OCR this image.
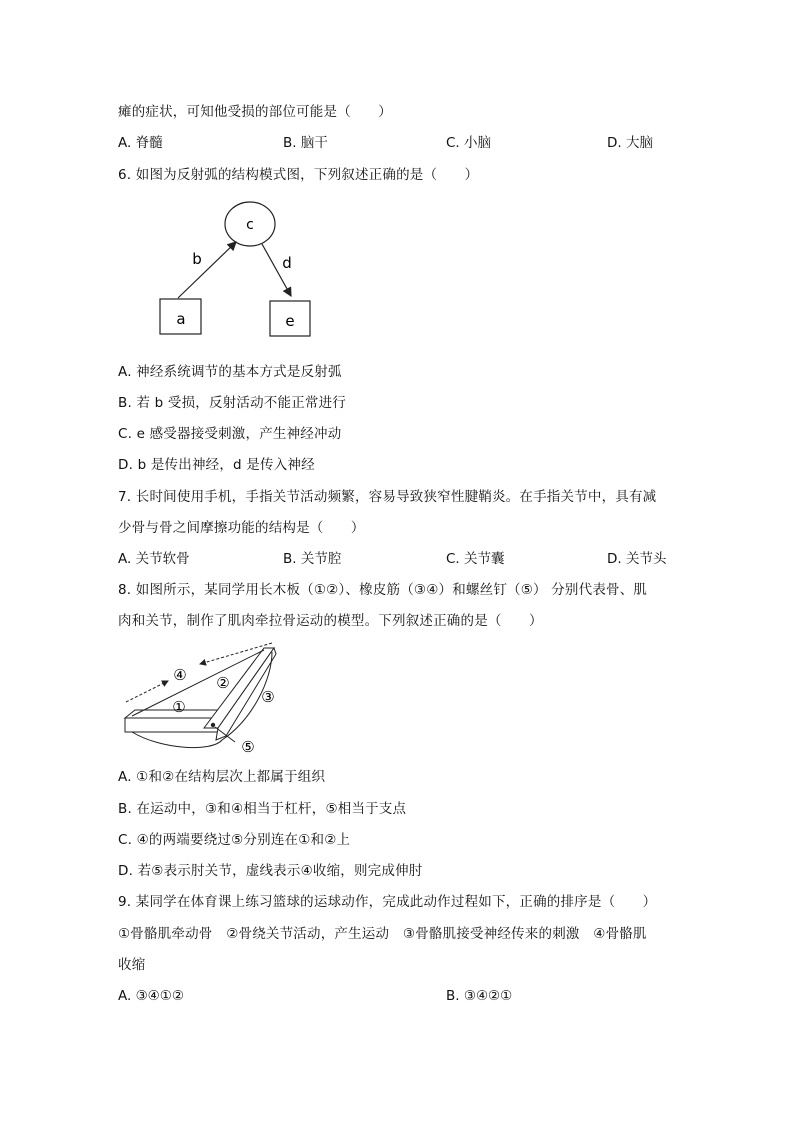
瘫的症状，可知他受损的部位可能是（　　）
A. 脊髓	B. 脑干	C. 小脑	D. 大脑
6. 如图为反射弧的结构模式图，下列叙述正确的是（　　）
c
b	d
a	e
A. 神经系统调节的基本方式是反射弧
B. 若 b 受损，反射活动不能正常进行
C. e 感受器接受刺激，产生神经冲动
D. b 是传出神经，d 是传入神经
7. 长时间使用手机，手指关节活动频繁，容易导致狭窄性腱鞘炎。在手指关节中，具有减
少骨与骨之间摩擦功能的结构是（　　）
A. 关节软骨	B. 关节腔	C. 关节囊	D. 关节头
8. 如图所示，某同学用长木板（①②）、橡皮筋（③④）和螺丝钉（⑤） 分别代表骨、肌
肉和关节，制作了肌肉牵拉骨运动的模型。下列叙述正确的是（　　）
④ ②
③
①
⑤
A. ①和②在结构层次上都属于组织
B. 在运动中，③和④相当于杠杆，⑤相当于支点
C. ④的两端要绕过⑤分别连在①和②上
D. 若⑤表示肘关节，虚线表示④收缩，则完成伸肘
9. 某同学在体育课上练习篮球的运球动作，完成此动作过程如下，正确的排序是（　　）
①骨骼肌牵动骨　②骨绕关节活动，产生运动　③骨骼肌接受神经传来的刺激　④骨骼肌
收缩
A. ③④①②	B. ③④②①
